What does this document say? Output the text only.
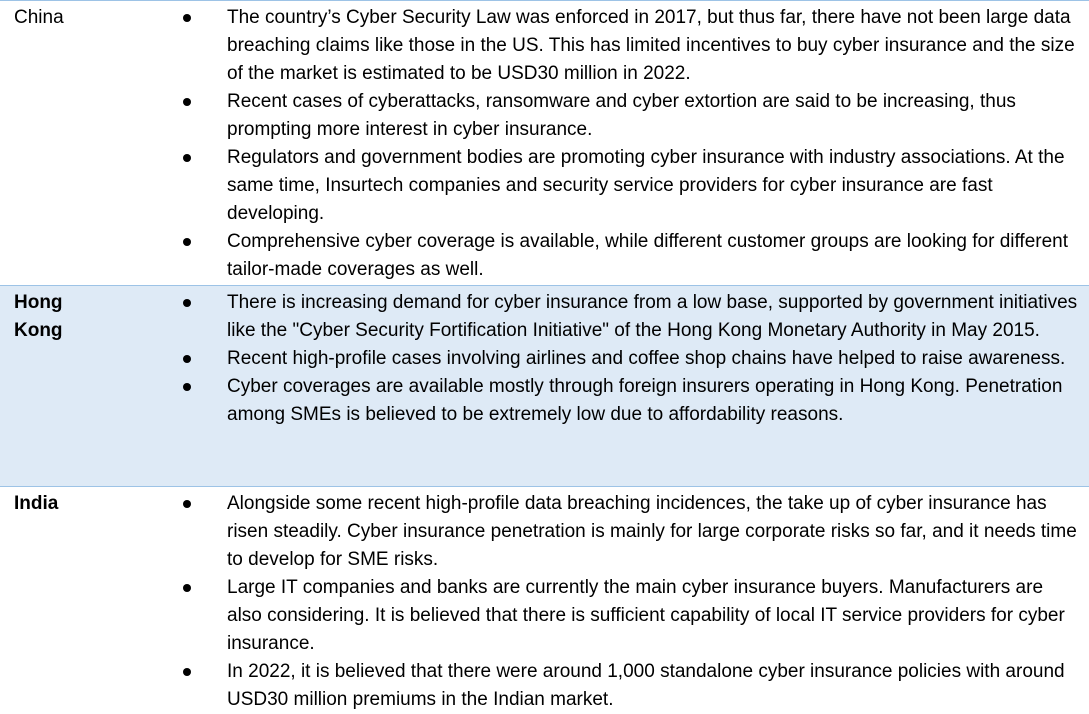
China	The country’s Cyber Security Law was enforced in 2017, but thus far, there have not been large data breaching claims like those in the US. This has limited incentives to buy cyber insurance and the size of the market is estimated to be USD30 million in 2022.
Recent cases of cyberattacks, ransomware and cyber extortion are said to be increasing, thus prompting more interest in cyber insurance.
Regulators and government bodies are promoting cyber insurance with industry associations. At the same time, Insurtech companies and security service providers for cyber insurance are fast developing.
Comprehensive cyber coverage is available, while different customer groups are looking for different tailor-made coverages as well.
Hong Kong
There is increasing demand for cyber insurance from a low base, supported by government initiatives like the "Cyber Security Fortification Initiative" of the Hong Kong Monetary Authority in May 2015.
Recent high-profile cases involving airlines and coffee shop chains have helped to raise awareness.
Cyber coverages are available mostly through foreign insurers operating in Hong Kong. Penetration among SMEs is believed to be extremely low due to affordability reasons.
India	Alongside some recent high-profile data breaching incidences, the take up of cyber insurance has risen steadily. Cyber insurance penetration is mainly for large corporate risks so far, and it needs time to develop for SME risks.
Large IT companies and banks are currently the main cyber insurance buyers. Manufacturers are also considering. It is believed that there is sufficient capability of local IT service providers for cyber insurance.
In 2022, it is believed that there were around 1,000 standalone cyber insurance policies with around USD30 million premiums in the Indian market.
